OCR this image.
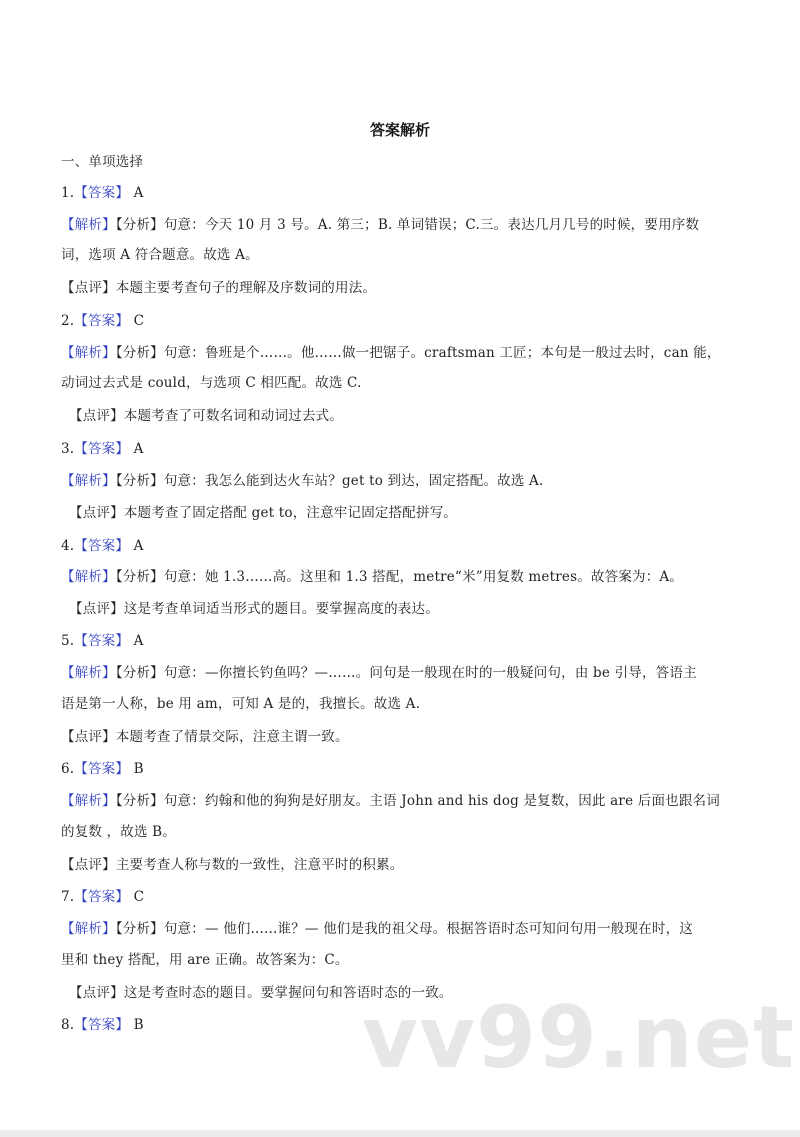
答案解析
一、单项选择
1.【答案】 A
【解析】【分析】句意：今天 10 月 3 号。A. 第三；B. 单词错误；C.三。表达几月几号的时候，要用序数
词，选项 A 符合题意。故选 A。
【点评】本题主要考查句子的理解及序数词的用法。
2.【答案】 C
【解析】【分析】句意：鲁班是个……。他……做一把锯子。craftsman 工匠；本句是一般过去时，can 能，
动词过去式是 could，与选项 C 相匹配。故选 C.
【点评】本题考查了可数名词和动词过去式。
3.【答案】 A
【解析】【分析】句意：我怎么能到达火车站？get to 到达，固定搭配。故选 A.
【点评】本题考查了固定搭配 get to，注意牢记固定搭配拼写。
4.【答案】 A
【解析】【分析】句意：她 1.3……高。这里和 1.3 搭配，metre“米”用复数 metres。故答案为：A。
【点评】这是考查单词适当形式的题目。要掌握高度的表达。
5.【答案】 A
【解析】【分析】句意：—你擅长钓鱼吗？—……。问句是一般现在时的一般疑问句，由 be 引导，答语主
语是第一人称，be 用 am，可知 A 是的，我擅长。故选 A.
【点评】本题考查了情景交际，注意主谓一致。
6.【答案】 B
【解析】【分析】句意：约翰和他的狗狗是好朋友。主语 John and his dog 是复数，因此 are 后面也跟名词
的复数 ，故选 B。
【点评】主要考查人称与数的一致性，注意平时的积累。
7.【答案】 C
【解析】【分析】句意：— 他们......谁？— 他们是我的祖父母。根据答语时态可知问句用一般现在时，这
里和 they 搭配，用 are 正确。故答案为：C。
【点评】这是考查时态的题目。要掌握问句和答语时态的一致。
8.【答案】 B	vv99.net
